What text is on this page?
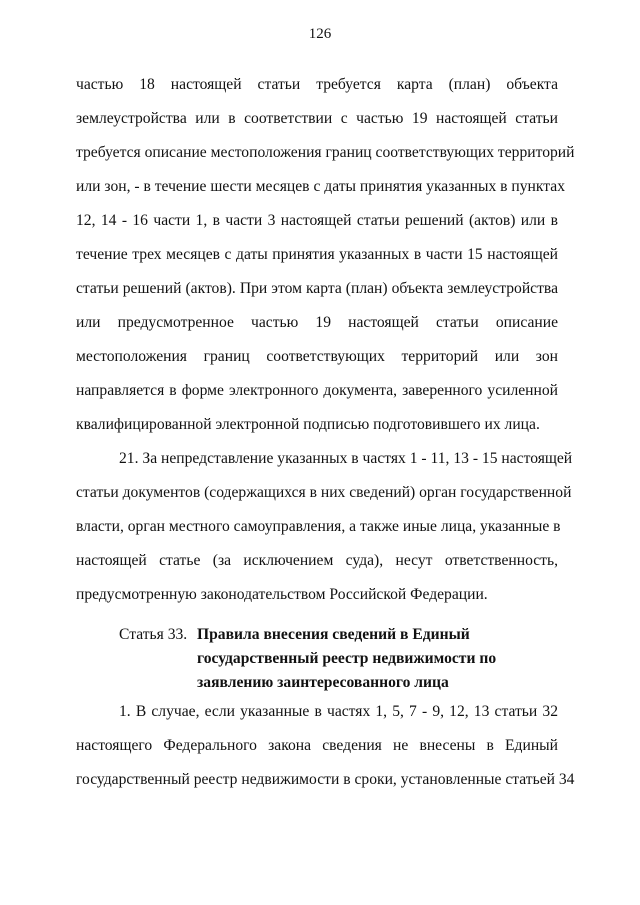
126
частью 18 настоящей статьи требуется карта (план) объекта
землеустройства или в соответствии с частью 19 настоящей статьи
требуется описание местоположения границ соответствующих территорий
или зон, - в течение шести месяцев с даты принятия указанных в пунктах
12, 14 - 16 части 1, в части 3 настоящей статьи решений (актов) или в
течение трех месяцев с даты принятия указанных в части 15 настоящей
статьи решений (актов). При этом карта (план) объекта землеустройства
или предусмотренное частью 19 настоящей статьи описание
местоположения границ соответствующих территорий или зон
направляется в форме электронного документа, заверенного усиленной
квалифицированной электронной подписью подготовившего их лица.
21. За непредставление указанных в частях 1 - 11, 13 - 15 настоящей
статьи документов (содержащихся в них сведений) орган государственной
власти, орган местного самоуправления, а также иные лица, указанные в
настоящей статье (за исключением суда), несут ответственность,
предусмотренную законодательством Российской Федерации.
Статья 33. Правила внесения сведений в Единый
государственный реестр недвижимости по
заявлению заинтересованного лица
1. В случае, если указанные в частях 1, 5, 7 - 9, 12, 13 статьи 32
настоящего Федерального закона сведения не внесены в Единый
государственный реестр недвижимости в сроки, установленные статьей 34
